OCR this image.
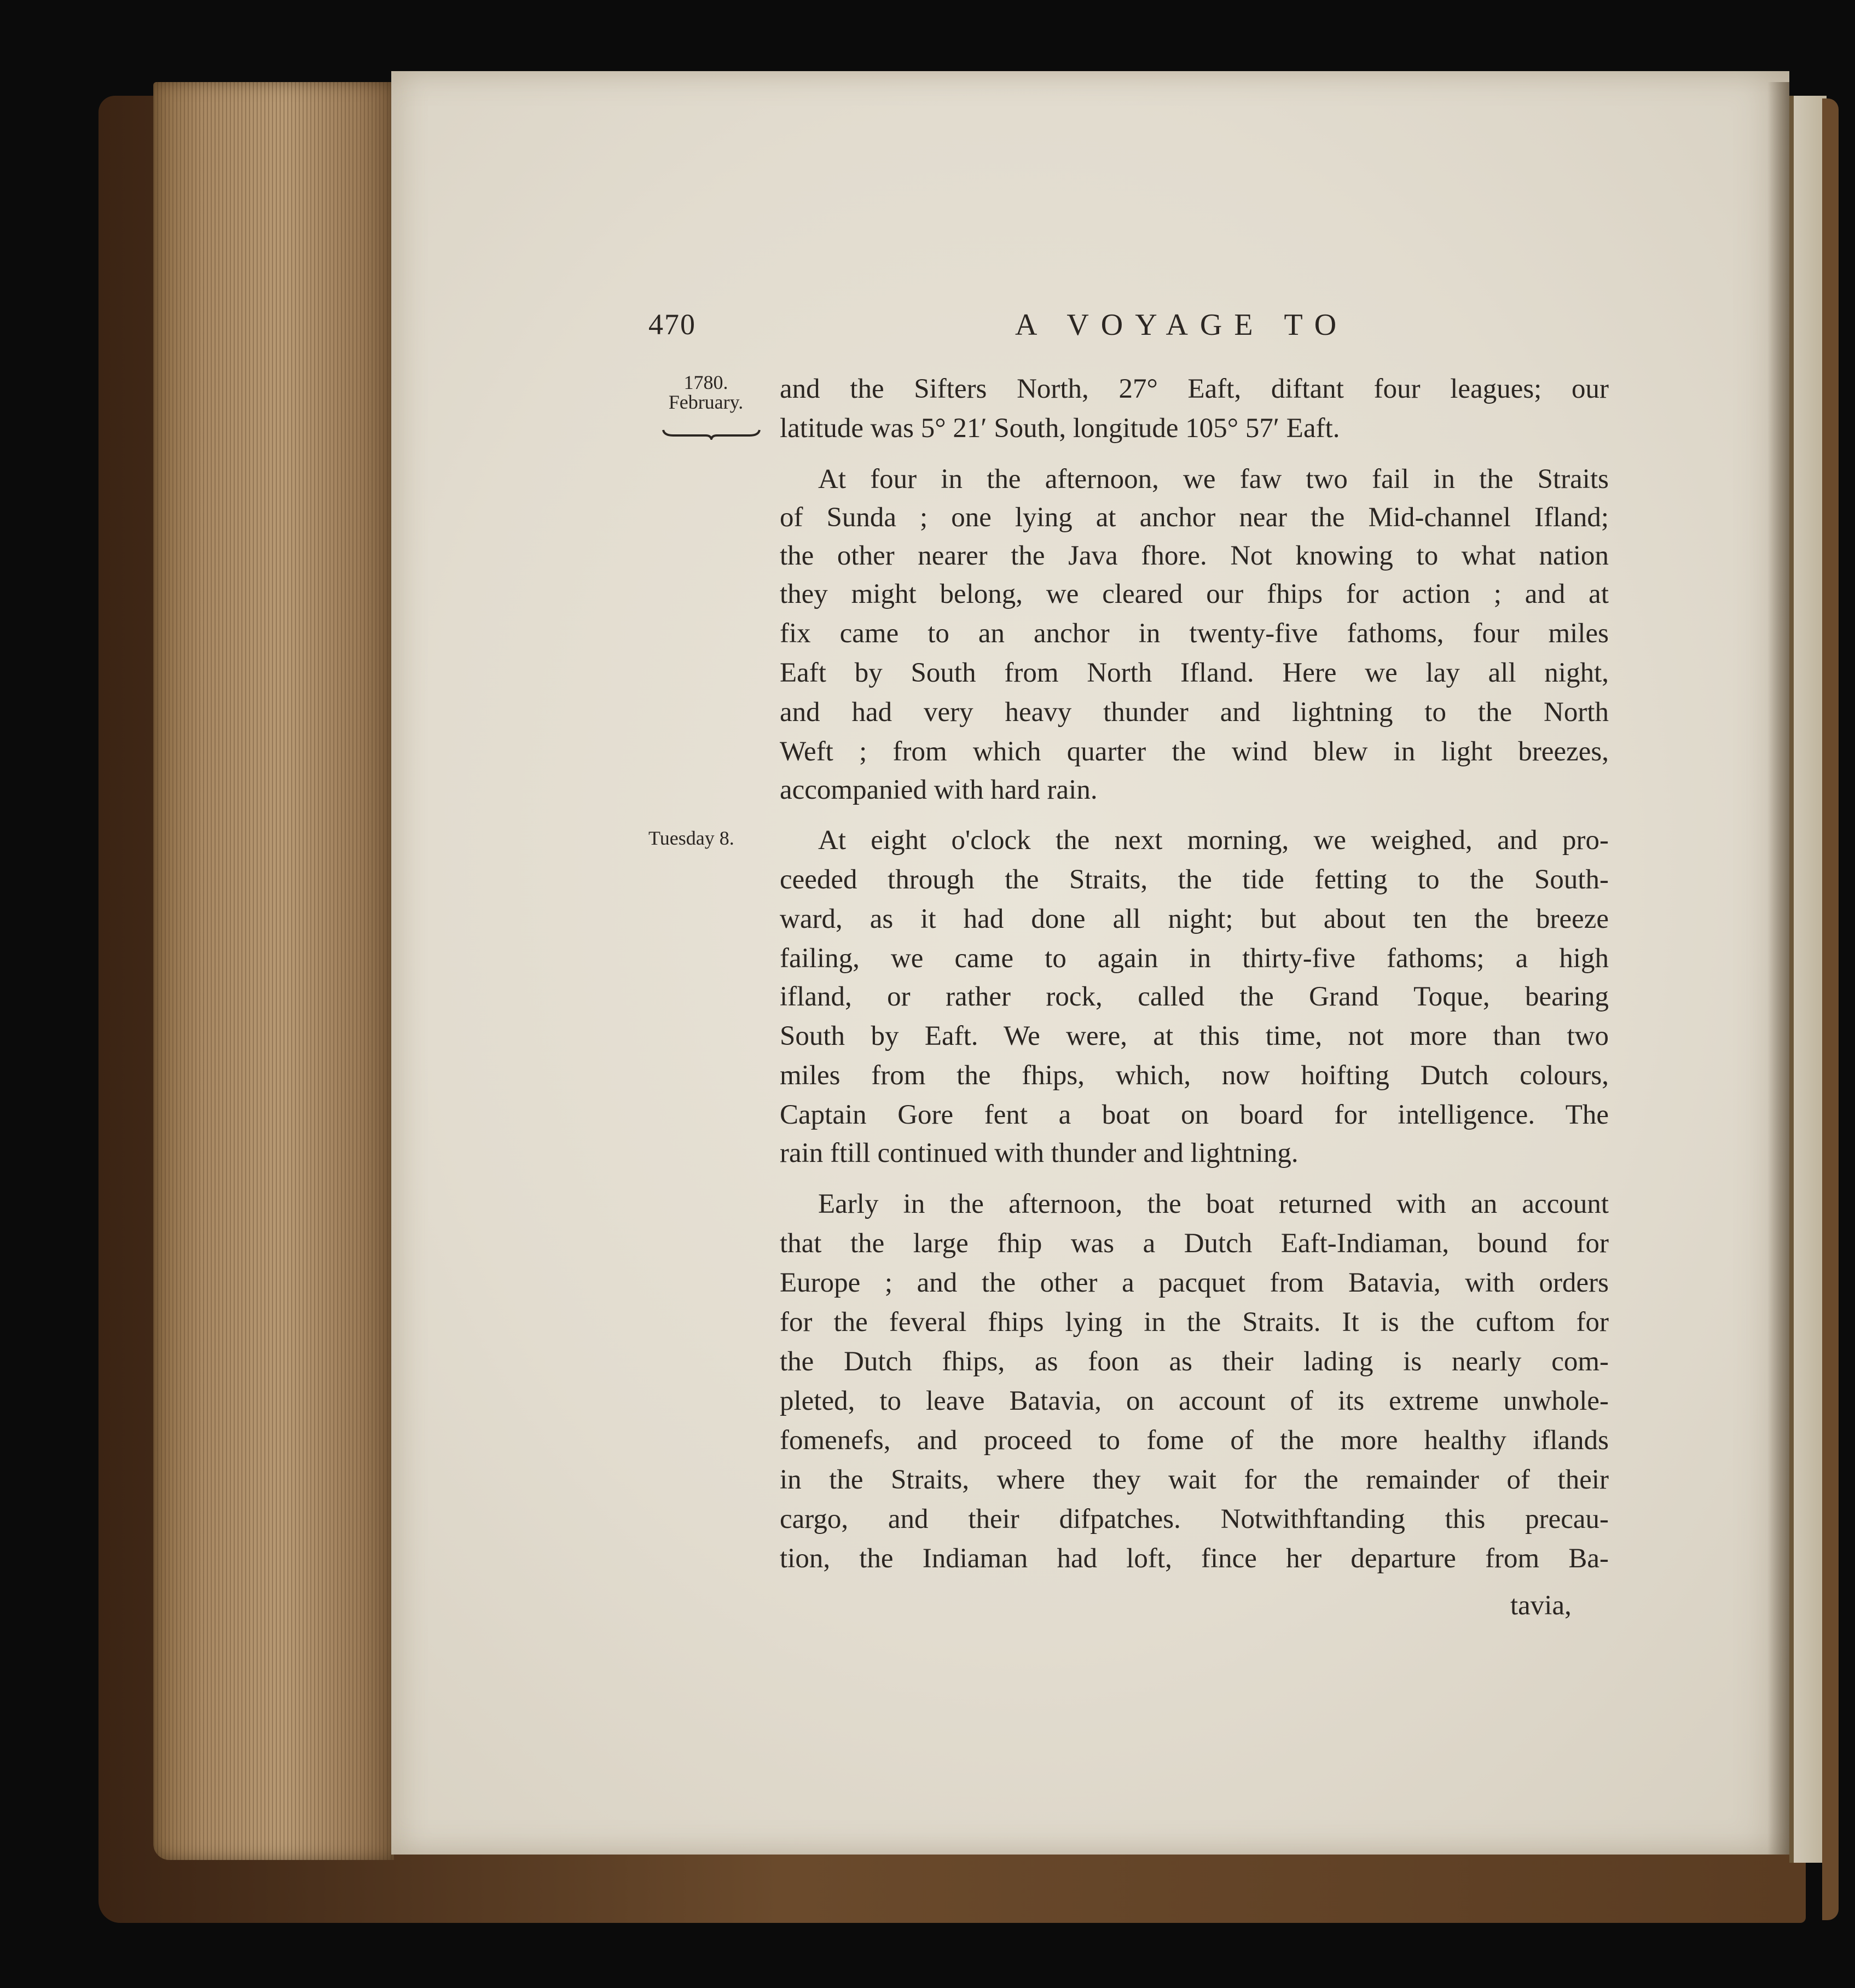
470	A VOYAGE TO
1780.
February.
Tuesday 8.
and the Sifters North, 27° Eaft, diftant four leagues; our
latitude was 5° 21′ South, longitude 105° 57′ Eaft.
At four in the afternoon, we faw two fail in the Straits
of Sunda ; one lying at anchor near the Mid-channel Ifland;
the other nearer the Java fhore. Not knowing to what nation
they might belong, we cleared our fhips for action ; and at
fix came to an anchor in twenty-five fathoms, four miles
Eaft by South from North Ifland. Here we lay all night,
and had very heavy thunder and lightning to the North
Weft ; from which quarter the wind blew in light breezes,
accompanied with hard rain.
At eight o'clock the next morning, we weighed, and pro-
ceeded through the Straits, the tide fetting to the South-
ward, as it had done all night; but about ten the breeze
failing, we came to again in thirty-five fathoms; a high
ifland, or rather rock, called the Grand Toque, bearing
South by Eaft. We were, at this time, not more than two
miles from the fhips, which, now hoifting Dutch colours,
Captain Gore fent a boat on board for intelligence. The
rain ftill continued with thunder and lightning.
Early in the afternoon, the boat returned with an account
that the large fhip was a Dutch Eaft-Indiaman, bound for
Europe ; and the other a pacquet from Batavia, with orders
for the feveral fhips lying in the Straits. It is the cuftom for
the Dutch fhips, as foon as their lading is nearly com-
pleted, to leave Batavia, on account of its extreme unwhole-
fomenefs, and proceed to fome of the more healthy iflands
in the Straits, where they wait for the remainder of their
cargo, and their difpatches. Notwithftanding this precau-
tion, the Indiaman had loft, fince her departure from Ba-
tavia,
